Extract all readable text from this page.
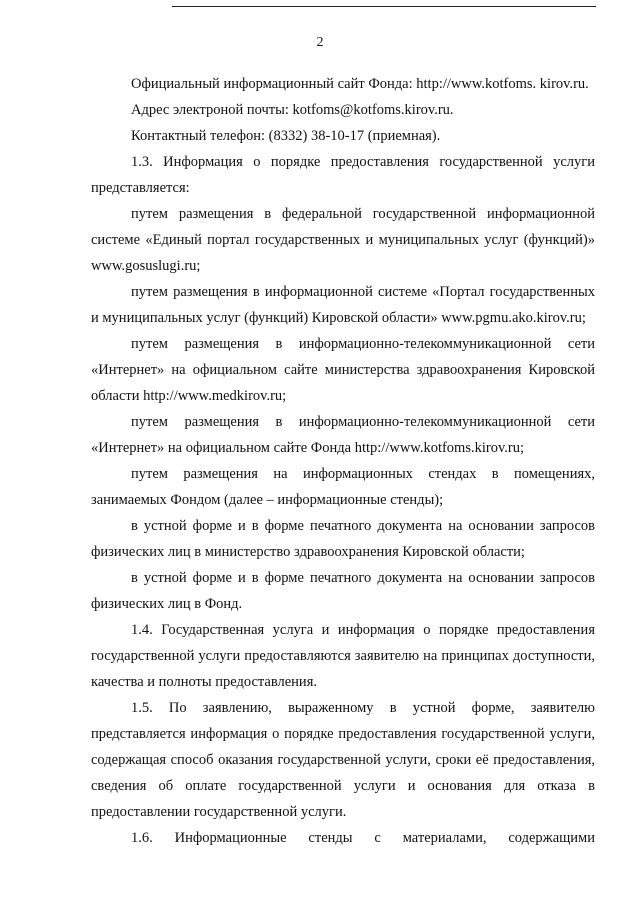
2

Официальный информационный сайт Фонда: http://www.kotfoms. kirov.ru.

Адрес электроной почты: kotfoms@kotfoms.kirov.ru.

Контактный телефон: (8332) 38-10-17 (приемная).

1.3. Информация о порядке предоставления государственной услуги представляется:

путем размещения в федеральной государственной информационной системе «Единый портал государственных и муниципальных услуг (функций)» www.gosuslugi.ru;

путем размещения в информационной системе «Портал государственных и муниципальных услуг (функций) Кировской области» www.pgmu.ako.kirov.ru;

путем размещения в информационно-телекоммуникационной сети «Интернет» на официальном сайте министерства здравоохранения Кировской области http://www.medkirov.ru;

путем размещения в информационно-телекоммуникационной сети «Интернет» на официальном сайте Фонда http://www.kotfoms.kirov.ru;

путем размещения на информационных стендах в помещениях, занимаемых Фондом (далее – информационные стенды);

в устной форме и в форме печатного документа на основании запросов физических лиц в министерство здравоохранения Кировской области;

в устной форме и в форме печатного документа на основании запросов физических лиц в Фонд.

1.4. Государственная услуга и информация о порядке предоставления государственной услуги предоставляются заявителю на принципах доступности, качества и полноты предоставления.

1.5. По заявлению, выраженному в устной форме, заявителю представляется информация о порядке предоставления государственной услуги, содержащая способ оказания государственной услуги, сроки её предоставления, сведения об оплате государственной услуги и основания для отказа в предоставлении государственной услуги.

1.6. Информационные стенды с материалами, содержащими
